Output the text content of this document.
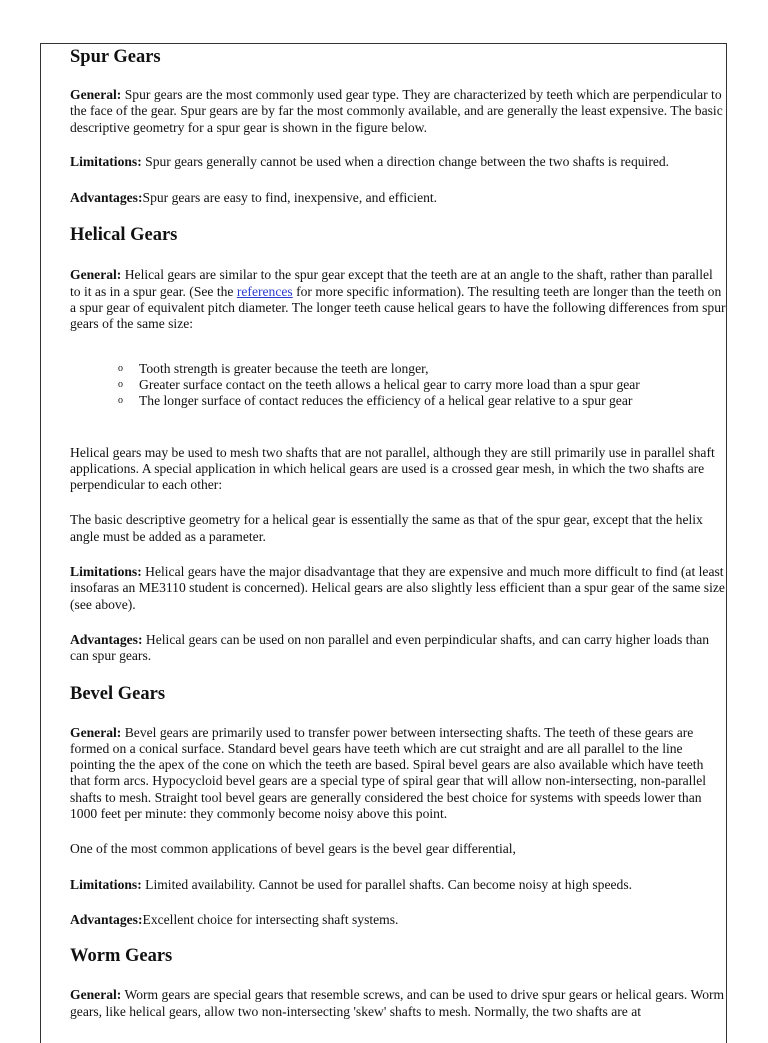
Spur Gears

General: Spur gears are the most commonly used gear type. They are characterized by teeth which are perpendicular to the face of the gear. Spur gears are by far the most commonly available, and are generally the least expensive. The basic descriptive geometry for a spur gear is shown in the figure below.

Limitations: Spur gears generally cannot be used when a direction change between the two shafts is required.

Advantages:Spur gears are easy to find, inexpensive, and efficient.

Helical Gears

General: Helical gears are similar to the spur gear except that the teeth are at an angle to the shaft, rather than parallel to it as in a spur gear. (See the references for more specific information). The resulting teeth are longer than the teeth on a spur gear of equivalent pitch diameter. The longer teeth cause helical gears to have the following differences from spur gears of the same size:

o Tooth strength is greater because the teeth are longer,
o Greater surface contact on the teeth allows a helical gear to carry more load than a spur gear
o The longer surface of contact reduces the efficiency of a helical gear relative to a spur gear

Helical gears may be used to mesh two shafts that are not parallel, although they are still primarily use in parallel shaft applications. A special application in which helical gears are used is a crossed gear mesh, in which the two shafts are perpendicular to each other:

The basic descriptive geometry for a helical gear is essentially the same as that of the spur gear, except that the helix angle must be added as a parameter.

Limitations: Helical gears have the major disadvantage that they are expensive and much more difficult to find (at least insofaras an ME3110 student is concerned). Helical gears are also slightly less efficient than a spur gear of the same size (see above).

Advantages: Helical gears can be used on non parallel and even perpindicular shafts, and can carry higher loads than can spur gears.

Bevel Gears

General: Bevel gears are primarily used to transfer power between intersecting shafts. The teeth of these gears are formed on a conical surface. Standard bevel gears have teeth which are cut straight and are all parallel to the line pointing the the apex of the cone on which the teeth are based. Spiral bevel gears are also available which have teeth that form arcs. Hypocycloid bevel gears are a special type of spiral gear that will allow non-intersecting, non-parallel shafts to mesh. Straight tool bevel gears are generally considered the best choice for systems with speeds lower than 1000 feet per minute: they commonly become noisy above this point.

One of the most common applications of bevel gears is the bevel gear differential,

Limitations: Limited availability. Cannot be used for parallel shafts. Can become noisy at high speeds.

Advantages:Excellent choice for intersecting shaft systems.

Worm Gears

General: Worm gears are special gears that resemble screws, and can be used to drive spur gears or helical gears. Worm gears, like helical gears, allow two non-intersecting 'skew' shafts to mesh. Normally, the two shafts are at
